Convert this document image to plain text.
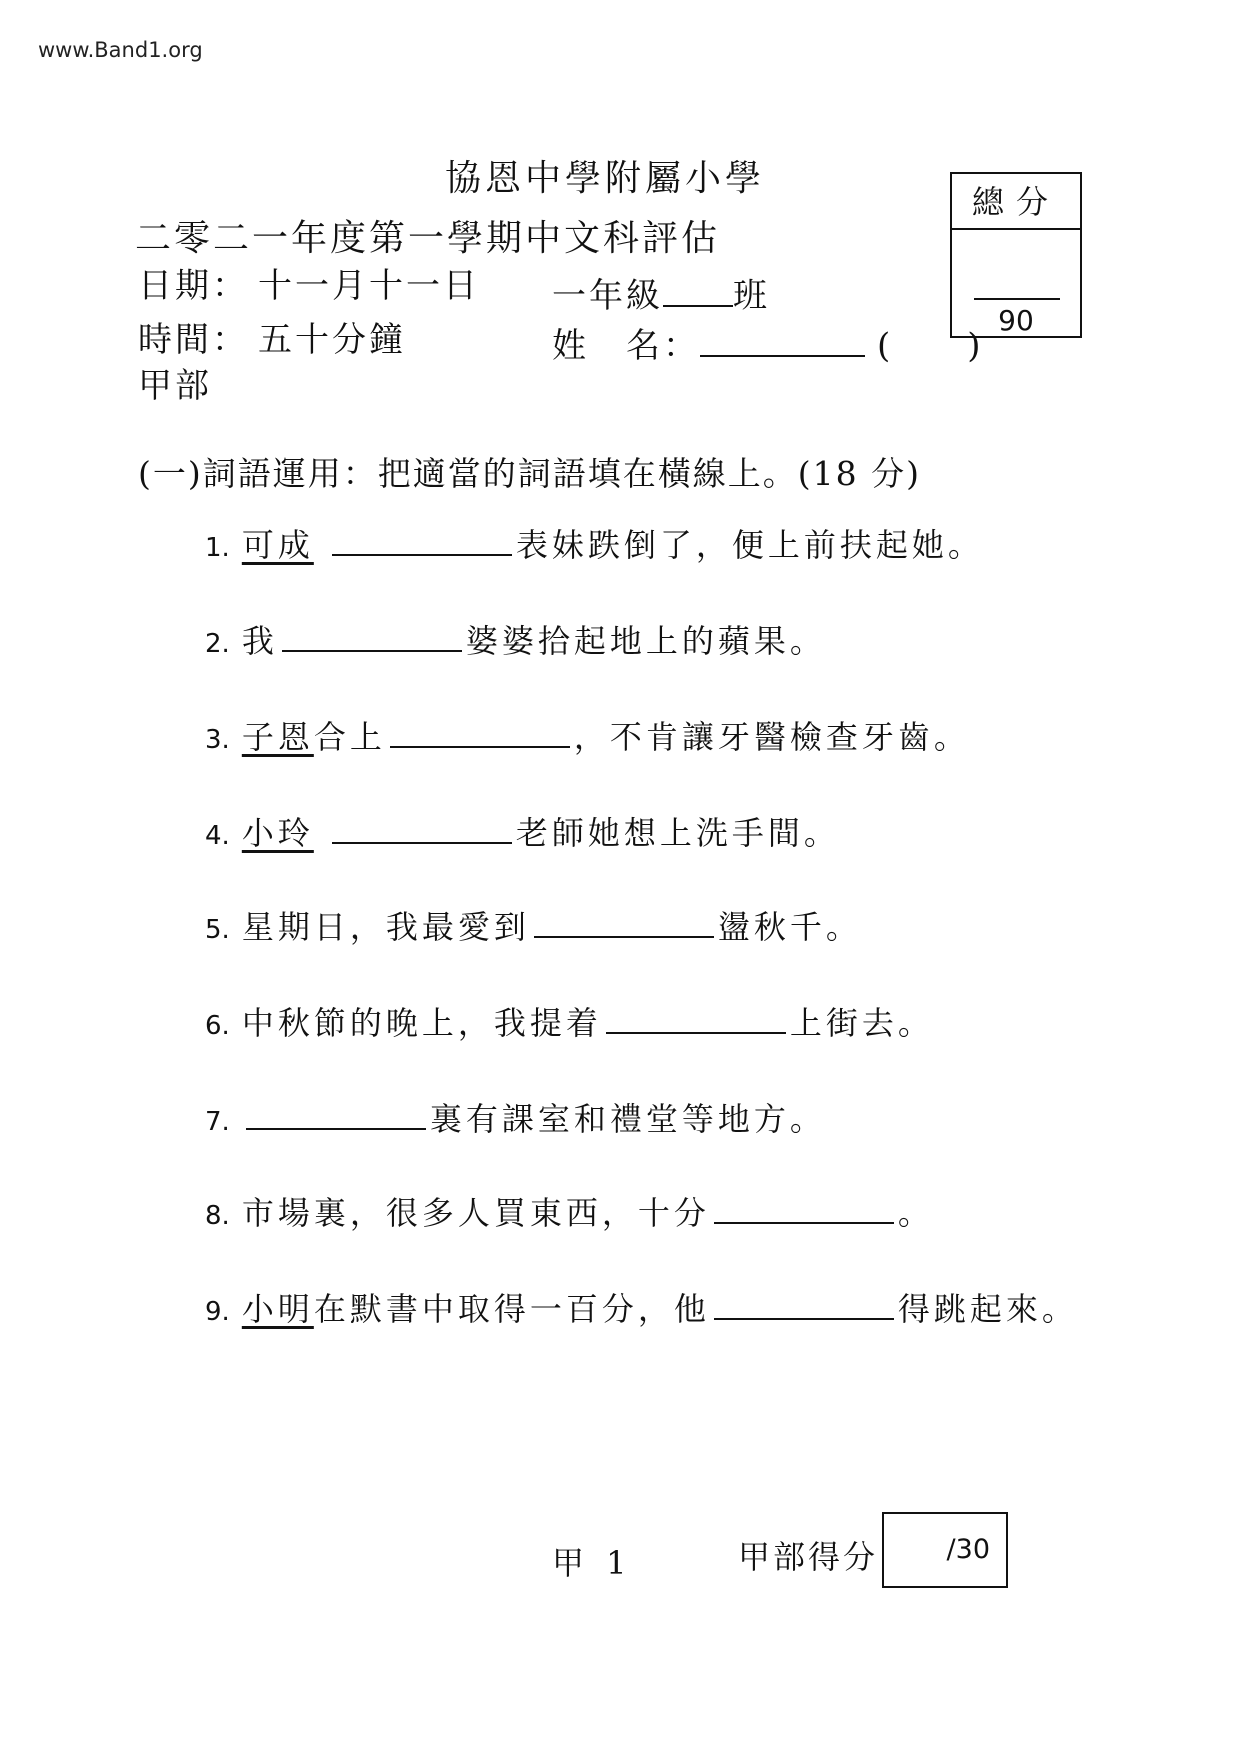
www.Band1.org
協恩中學附屬小學
二零二一年度第一學期中文科評估
日期： 十一月十一日 一年級 班
時間： 五十分鐘	姓　名：	(　　)
甲部
總分
90
(一)詞語運用：把適當的詞語填在橫線上。(18 分)
1. 可成	表妹跌倒了，便上前扶起她。
2. 我	婆婆拾起地上的蘋果。
3. 子恩合上	，不肯讓牙醫檢查牙齒。
4. 小玲	老師她想上洗手間。
5. 星期日，我最愛到	盪秋千。
6. 中秋節的晚上，我提着	上街去。
7.	裏有課室和禮堂等地方。
8. 市場裏，很多人買東西，十分	。
9. 小明在默書中取得一百分，他	得跳起來。
甲 1	甲部得分	/30
